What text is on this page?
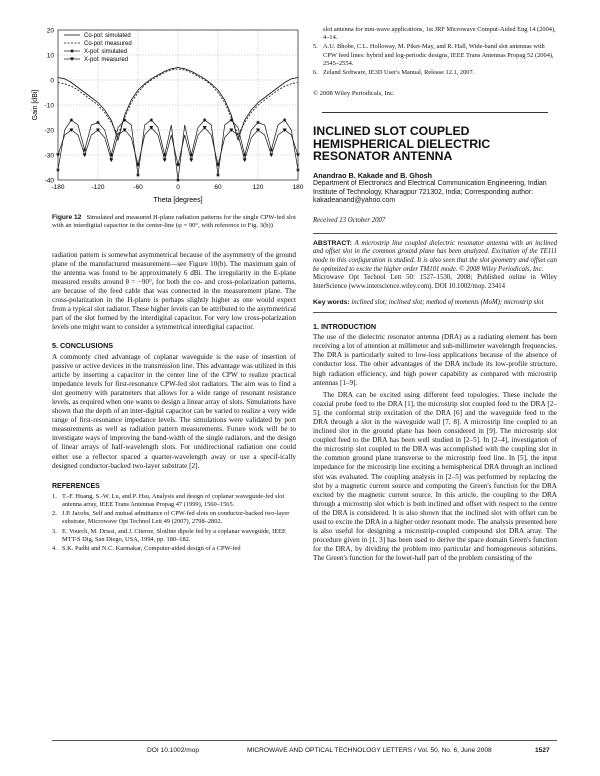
-180	-120	-60	0	60	120	180
20
10
0
-10
-20
-30
-40
Co-pol: simulated
Co-pol: measured
X-pol: simulated
X-pol: measured
Theta [degrees]
Gain [dBi]

Figure 12 Simulated and measured H-plane radiation patterns for the single CPW-fed slot with an interdigital capacitor in the center-line (φ = 90°, with reference to Fig. 3(b))

radiation pattern is somewhat asymmetrical because of the asymmetry of the ground plane of the manufactured measurement—see Figure 10(b). The maximum gain of the antenna was found to be approximately 6 dBi. The irregularity in the E-plane measured results around θ = −90°, for both the co- and cross-polarization patterns, are because of the feed cable that was connected in the measurement plane. The cross-polarization in the H-plane is perhaps slightly higher as one would expect from a typical slot radiator. These higher levels can be attributed to the asymmetrical part of the slot formed by the interdigital capacitor. For very low cross-polarization levels one might want to consider a symmetrical interdigital capacitor.

5. CONCLUSIONS

A commonly cited advantage of coplanar waveguide is the ease of insertion of passive or active devices in the transmission line. This advantage was utilized in this article by inserting a capacitor in the center line of the CPW to realize practical impedance levels for first-resonance CPW-fed slot radiators. The aim was to find a slot geometry with parameters that allows for a wide range of resonant resistance levels, as required when one wants to design a linear array of slots. Simulations have shown that the depth of an inter-digital capacitor can be varied to realize a very wide range of first-resonance impedance levels. The simulations were validated by port measurements as well as radiation pattern measurements. Future work will be to investigate ways of improving the band-width of the single radiators, and the design of linear arrays of half-wavelength slots. For unidirectional radiation one could either use a reflector spaced a quarter-wavelength away or use a specif-ically designed conductor-backed two-layer substrate [2].

REFERENCES

1. T.-F. Huang, S.-W. Lu, and P. Hsu, Analysis and design of coplanar waveguide-fed slot antenna array, IEEE Trans Antennas Propag 47 (1999), 1560–1565.
2. J.P. Jacobs, Self and mutual admittance of CPW-fed slots on conductor-backed two-layer substrate, Microwave Opt Technol Lett 49 (2007), 2798–2802.
3. E. Vourch, M. Drissi, and J. Citerne, Slotline dipole fed by a coplanar waveguide, IEEE MTT-S Dig, San Diego, USA, 1994, pp. 180–182.
4. S.K. Padhi and N.C. Karmakar, Computer-aided design of a CPW-fed
slot antenna for mm-wave applications, 1st JRF Microwave Comput-Aided Eng 14 (2004), 4–14.
5. A.U. Bhobe, C.L. Holloway, M. Piket-May, and R. Hall, Wide-band slot antennas with CPW feed lines: hybrid and log-periodic designs, IEEE Trans Antennas Propag 52 (2004), 2545–2554.
6. Zeland Software, IE3D User's Manual, Release 12.1, 2007.

© 2008 Wiley Periodicals, Inc.

INCLINED SLOT COUPLED HEMISPHERICAL DIELECTRIC RESONATOR ANTENNA

Anandrao B. Kakade and B. Ghosh

Department of Electronics and Electrical Communication Engineering, Indian Institute of Technology, Kharagpur 721302, India; Corresponding author: kakadeanand@yahoo.com

Received 13 October 2007

ABSTRACT: A microstrip line coupled dielectric resonator antenna with an inclined and offset slot in the common ground plane has been analyzed. Excitation of the TE111 mode in this configuration is studied. It is also seen that the slot geometry and offset can be optimized to excite the higher order TM101 mode. © 2008 Wiley Periodicals, Inc.

Microwave Opt Technol Lett 50: 1527–1530, 2008; Published online in Wiley InterScience (www.interscience.wiley.com). DOI 10.1002/mop. 23414

Key words: inclined slot; inclined slot; method of moments (MoM); microstrip slot

1. INTRODUCTION

The use of the dielectric resonator antenna (DRA) as a radiating element has been receiving a lot of attention at millimeter and sub-millimeter wavelength frequencies. The DRA is particularly suited to low-loss applications because of the absence of conductor loss. The other advantages of the DRA include its low-profile structure, high radiation efficiency, and high power capability as compared with microstrip antennas [1–9].

The DRA can be excited using different feed topologies. These include the coaxial probe feed to the DRA [1], the microstrip slot coupled feed to the DRA [2–5], the conformal strip excitation of the DRA [6] and the waveguide feed to the DRA through a slot in the waveguide wall [7, 8]. A microstrip line coupled to an inclined slot in the ground plane has been considered in [9]. The microstrip slot coupled feed to the DRA has been well studied in [2–5]. In [2–4], investigation of the microstrip slot coupled to the DRA was accomplished with the coupling slot in the common ground plane transverse to the microstrip feed line. In [5], the input impedance for the microstrip line exciting a hemispherical DRA through an inclined slot was evaluated. The coupling analysis in [2–5] was performed by replacing the slot by a magnetic current source and computing the Green's function for the DRA excited by the magnetic current source. In this article, the coupling to the DRA through a microstrip slot which is both inclined and offset with respect to the centre of the DRA is considered. It is also shown that the inclined slot with offset can be used to excite the DRA in a higher order resonant mode. The analysis presented here is also useful for designing a microstrip-coupled compound slot DRA array. The procedure given in [1, 3] has been used to derive the space domain Green's function for the DRA, by dividing the problem into particular and homogeneous solutions. The Green's function for the lower-half part of the problem consisting of the

DOI 10.1002/mop	MICROWAVE AND OPTICAL TECHNOLOGY LETTERS / Vol. 50, No. 6, June 2008	1527
